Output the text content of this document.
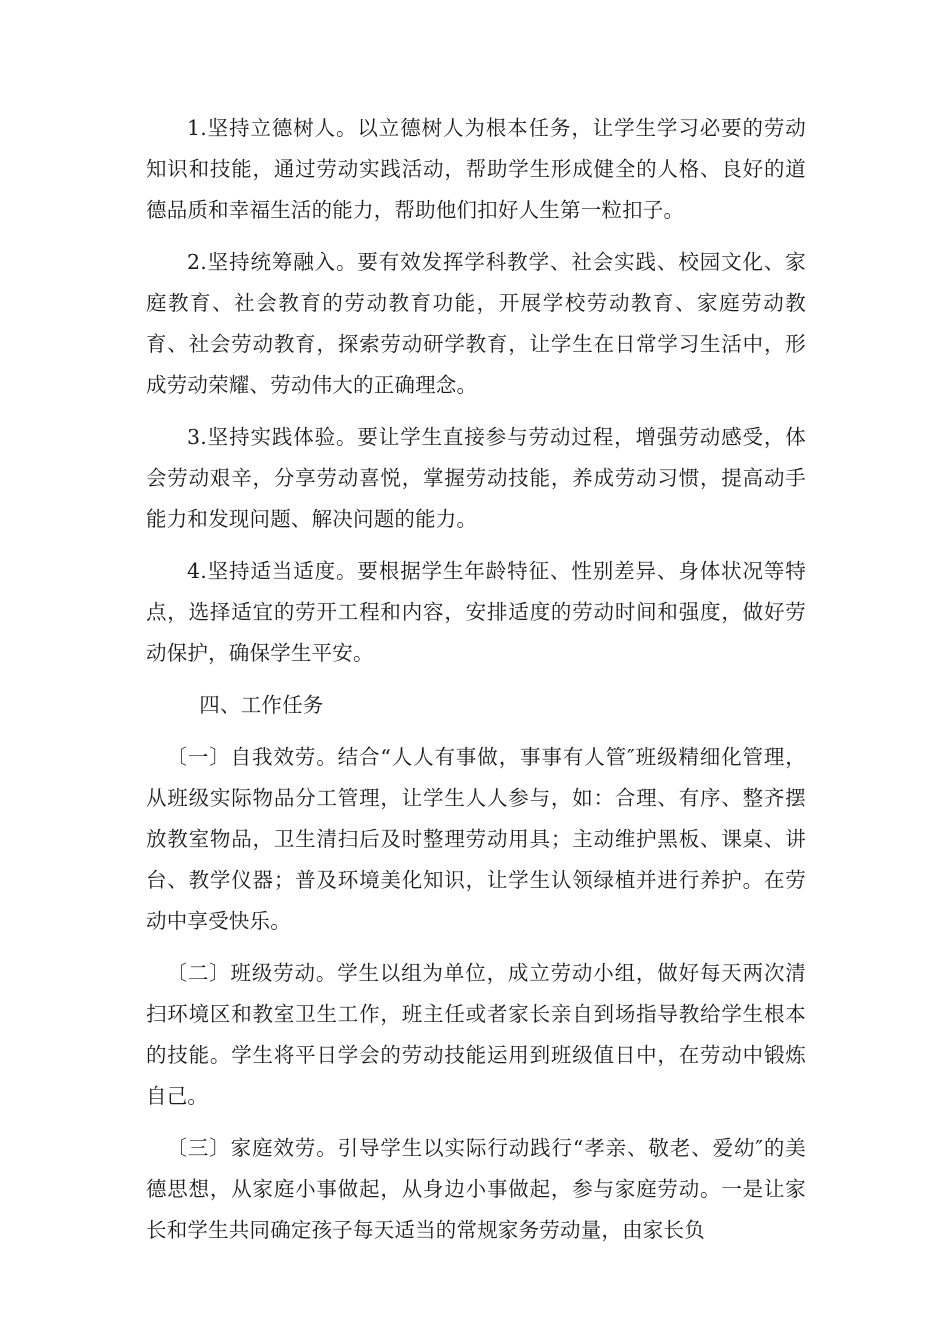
1.坚持立德树人。以立德树人为根本任务，让学生学习必要的劳动知识和技能，通过劳动实践活动，帮助学生形成健全的人格、良好的道德品质和幸福生活的能力，帮助他们扣好人生第一粒扣子。

2.坚持统筹融入。要有效发挥学科教学、社会实践、校园文化、家庭教育、社会教育的劳动教育功能，开展学校劳动教育、家庭劳动教育、社会劳动教育，探索劳动研学教育，让学生在日常学习生活中，形成劳动荣耀、劳动伟大的正确理念。

3.坚持实践体验。要让学生直接参与劳动过程，增强劳动感受，体会劳动艰辛，分享劳动喜悦，掌握劳动技能，养成劳动习惯，提高动手能力和发现问题、解决问题的能力。

4.坚持适当适度。要根据学生年龄特征、性别差异、身体状况等特点，选择适宜的劳开工程和内容，安排适度的劳动时间和强度，做好劳动保护，确保学生平安。

四、工作任务

〔一〕自我效劳。结合“人人有事做，事事有人管″班级精细化管理，从班级实际物品分工管理，让学生人人参与，如：合理、有序、整齐摆放教室物品，卫生清扫后及时整理劳动用具；主动维护黑板、课桌、讲台、教学仪器；普及环境美化知识，让学生认领绿植并进行养护。在劳动中享受快乐。

〔二〕班级劳动。学生以组为单位，成立劳动小组，做好每天两次清扫环境区和教室卫生工作，班主任或者家长亲自到场指导教给学生根本的技能。学生将平日学会的劳动技能运用到班级值日中，在劳动中锻炼自己。

〔三〕家庭效劳。引导学生以实际行动践行“孝亲、敬老、爱幼″的美德思想，从家庭小事做起，从身边小事做起，参与家庭劳动。一是让家长和学生共同确定孩子每天适当的常规家务劳动量，由家长负
